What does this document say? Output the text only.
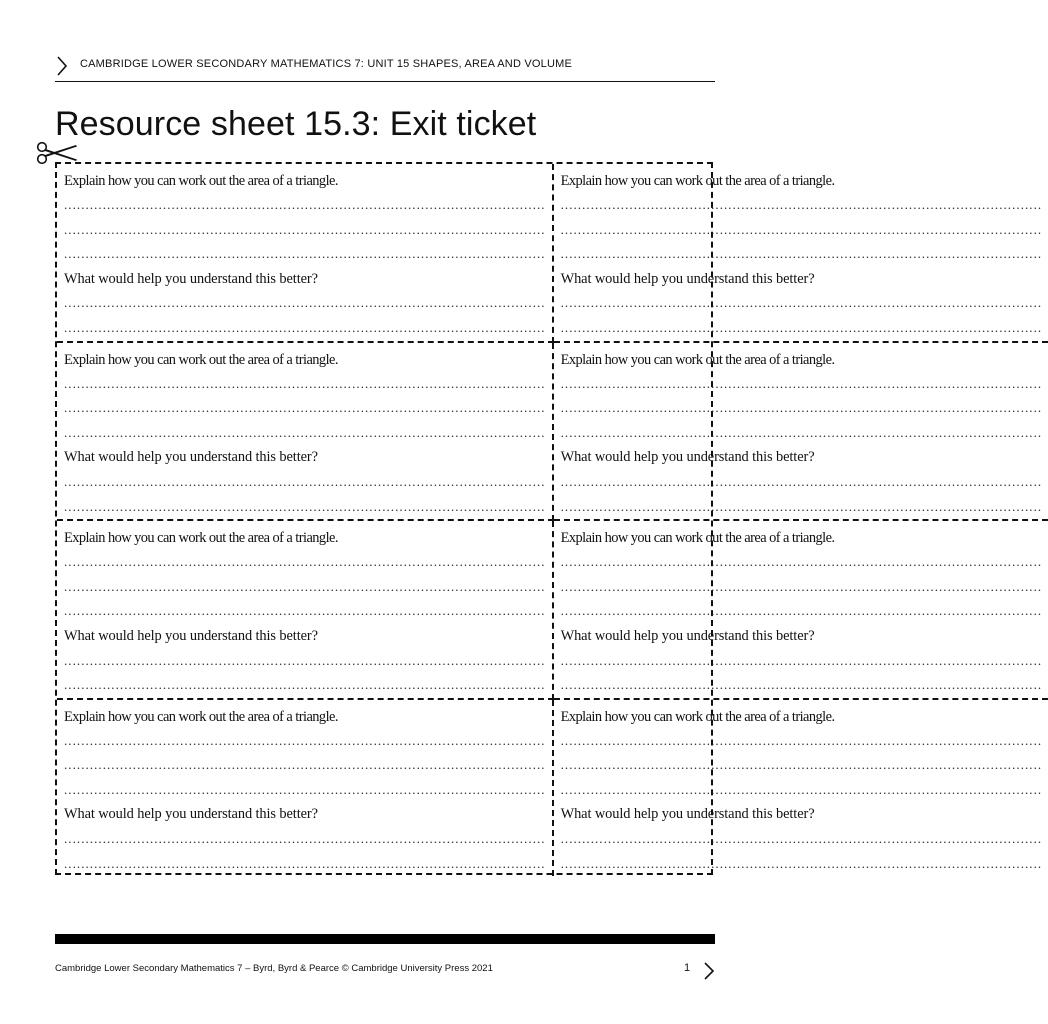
CAMBRIDGE LOWER SECONDARY MATHEMATICS 7: UNIT 15 SHAPES, AREA AND VOLUME
Resource sheet 15.3: Exit ticket
Explain how you can work out the area of a triangle.
................................................................................................................
................................................................................................................
................................................................................................................
What would help you understand this better?
................................................................................................................
................................................................................................................
Explain how you can work out the area of a triangle.
................................................................................................................
................................................................................................................
................................................................................................................
What would help you understand this better?
................................................................................................................
................................................................................................................
Explain how you can work out the area of a triangle.
................................................................................................................
................................................................................................................
................................................................................................................
What would help you understand this better?
................................................................................................................
................................................................................................................
Explain how you can work out the area of a triangle.
................................................................................................................
................................................................................................................
................................................................................................................
What would help you understand this better?
................................................................................................................
................................................................................................................
Explain how you can work out the area of a triangle.
................................................................................................................
................................................................................................................
................................................................................................................
What would help you understand this better?
................................................................................................................
................................................................................................................
Explain how you can work out the area of a triangle.
................................................................................................................
................................................................................................................
................................................................................................................
What would help you understand this better?
................................................................................................................
................................................................................................................
Explain how you can work out the area of a triangle.
................................................................................................................
................................................................................................................
................................................................................................................
What would help you understand this better?
................................................................................................................
................................................................................................................
Explain how you can work out the area of a triangle.
................................................................................................................
................................................................................................................
................................................................................................................
What would help you understand this better?
................................................................................................................
................................................................................................................
Cambridge Lower Secondary Mathematics 7 – Byrd, Byrd & Pearce © Cambridge University Press 2021	1
